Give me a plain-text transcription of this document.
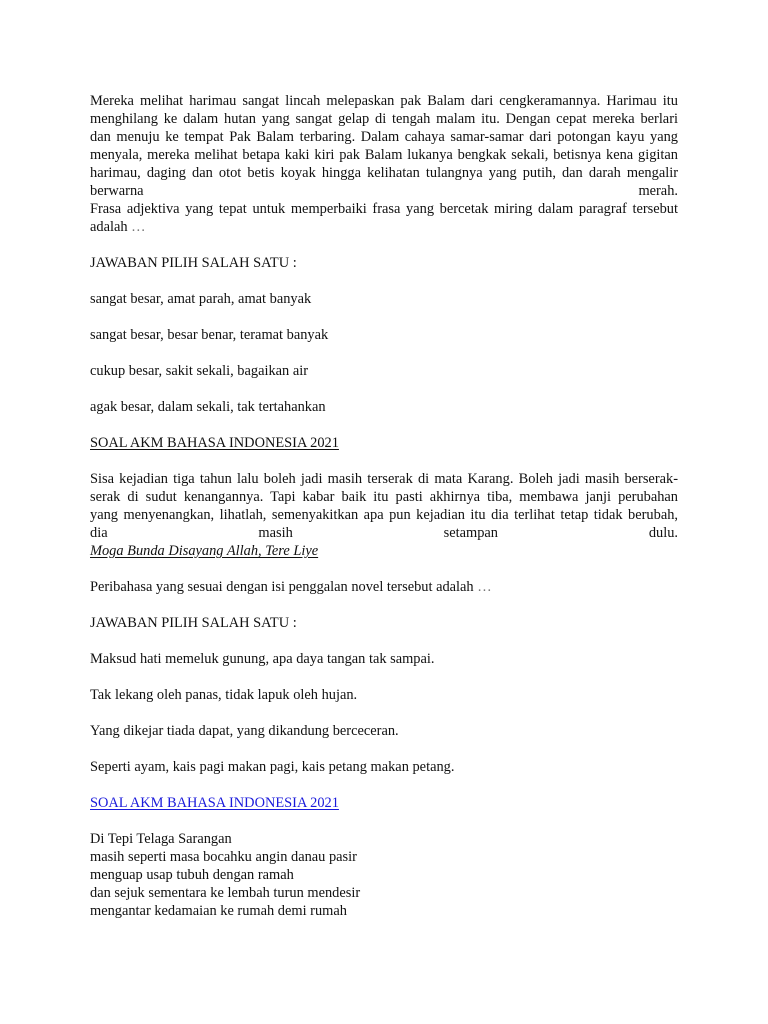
Mereka melihat harimau sangat lincah melepaskan pak Balam dari cengkeramannya. Harimau itu
menghilang ke dalam hutan yang sangat gelap di tengah malam itu. Dengan cepat mereka berlari
dan menuju ke tempat Pak Balam terbaring. Dalam cahaya samar-samar dari potongan kayu yang
menyala, mereka melihat betapa kaki kiri pak Balam lukanya bengkak sekali, betisnya kena gigitan
harimau, daging dan otot betis koyak hingga kelihatan tulangnya yang putih, dan darah mengalir
berwarna	merah.
Frasa adjektiva yang tepat untuk memperbaiki frasa yang bercetak miring dalam paragraf tersebut
adalah …
JAWABAN PILIH SALAH SATU :
sangat besar, amat parah, amat banyak
sangat besar, besar benar, teramat banyak
cukup besar, sakit sekali, bagaikan air
agak besar, dalam sekali, tak tertahankan
SOAL AKM BAHASA INDONESIA 2021
Sisa kejadian tiga tahun lalu boleh jadi masih terserak di mata Karang. Boleh jadi masih berserak-
serak di sudut kenangannya. Tapi kabar baik itu pasti akhirnya tiba, membawa janji perubahan
yang menyenangkan, lihatlah, semenyakitkan apa pun kejadian itu dia terlihat tetap tidak berubah,
dia	masih	setampan	dulu.
Moga Bunda Disayang Allah, Tere Liye
Peribahasa yang sesuai dengan isi penggalan novel tersebut adalah …
JAWABAN PILIH SALAH SATU :
Maksud hati memeluk gunung, apa daya tangan tak sampai.
Tak lekang oleh panas, tidak lapuk oleh hujan.
Yang dikejar tiada dapat, yang dikandung berceceran.
Seperti ayam, kais pagi makan pagi, kais petang makan petang.
SOAL AKM BAHASA INDONESIA 2021
Di Tepi Telaga Sarangan
masih seperti masa bocahku angin danau pasir
menguap usap tubuh dengan ramah
dan sejuk sementara ke lembah turun mendesir
mengantar kedamaian ke rumah demi rumah
